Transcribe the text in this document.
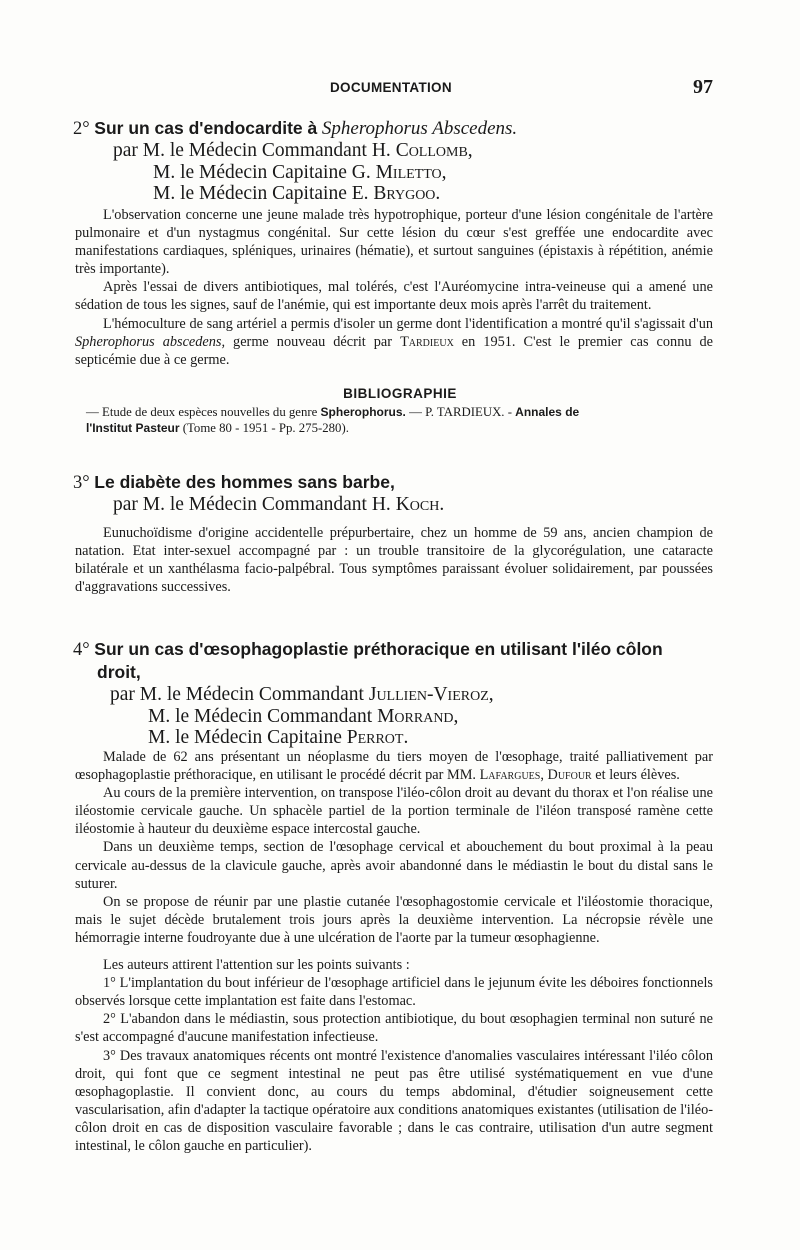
DOCUMENTATION	97
2° Sur un cas d'endocardite à Spherophorus Abscedens.
par M. le Médecin Commandant H. Collomb,
M. le Médecin Capitaine G. Miletto,
M. le Médecin Capitaine E. Brygoo.

L'observation concerne une jeune malade très hypotrophique, porteur d'une lésion congénitale de l'artère pulmonaire et d'un nystagmus congénital. Sur cette lésion du cœur s'est greffée une endocardite avec manifestations cardiaques, spléniques, urinaires (hématie), et surtout sanguines (épistaxis à répétition, anémie très importante).

Après l'essai de divers antibiotiques, mal tolérés, c'est l'Auréomycine intra-veineuse qui a amené une sédation de tous les signes, sauf de l'anémie, qui est importante deux mois après l'arrêt du traitement.

L'hémoculture de sang artériel a permis d'isoler un germe dont l'identification a montré qu'il s'agissait d'un Spherophorus abscedens, germe nouveau décrit par Tardieux en 1951. C'est le premier cas connu de septicémie due à ce germe.

BIBLIOGRAPHIE
— Etude de deux espèces nouvelles du genre Spherophorus. — P. TARDIEUX. - Annales de
l'Institut Pasteur (Tome 80 - 1951 - Pp. 275-280).
3° Le diabète des hommes sans barbe,
par M. le Médecin Commandant H. Koch.

Eunuchoïdisme d'origine accidentelle prépurbertaire, chez un homme de 59 ans, ancien champion de natation. Etat inter-sexuel accompagné par : un trouble transitoire de la glycorégulation, une cataracte bilatérale et un xanthélasma facio-palpébral. Tous symptômes paraissant évoluer solidairement, par poussées d'aggravations successives.

4° Sur un cas d'œsophagoplastie préthoracique en utilisant l'iléo côlon
droit,
par M. le Médecin Commandant Jullien-Vieroz,
M. le Médecin Commandant Morrand,
M. le Médecin Capitaine Perrot.

Malade de 62 ans présentant un néoplasme du tiers moyen de l'œsophage, traité palliativement par œsophagoplastie préthoracique, en utilisant le procédé décrit par MM. Lafargues, Dufour et leurs élèves.

Au cours de la première intervention, on transpose l'iléo-côlon droit au devant du thorax et l'on réalise une iléostomie cervicale gauche. Un sphacèle partiel de la portion terminale de l'iléon transposé ramène cette iléostomie à hauteur du deuxième espace intercostal gauche.

Dans un deuxième temps, section de l'œsophage cervical et abouchement du bout proximal à la peau cervicale au-dessus de la clavicule gauche, après avoir abandonné dans le médiastin le bout du distal sans le suturer.

On se propose de réunir par une plastie cutanée l'œsophagostomie cervicale et l'iléostomie thoracique, mais le sujet décède brutalement trois jours après la deuxième intervention. La nécropsie révèle une hémorragie interne foudroyante due à une ulcération de l'aorte par la tumeur œsophagienne.

Les auteurs attirent l'attention sur les points suivants :

1° L'implantation du bout inférieur de l'œsophage artificiel dans le jejunum évite les déboires fonctionnels observés lorsque cette implantation est faite dans l'estomac.

2° L'abandon dans le médiastin, sous protection antibiotique, du bout œsophagien terminal non suturé ne s'est accompagné d'aucune manifestation infectieuse.

3° Des travaux anatomiques récents ont montré l'existence d'anomalies vasculaires intéressant l'iléo côlon droit, qui font que ce segment intestinal ne peut pas être utilisé systématiquement en vue d'une œsophagoplastie. Il convient donc, au cours du temps abdominal, d'étudier soigneusement cette vascularisation, afin d'adapter la tactique opératoire aux conditions anatomiques existantes (utilisation de l'iléo-côlon droit en cas de disposition vasculaire favorable ; dans le cas contraire, utilisation d'un autre segment intestinal, le côlon gauche en particulier).
